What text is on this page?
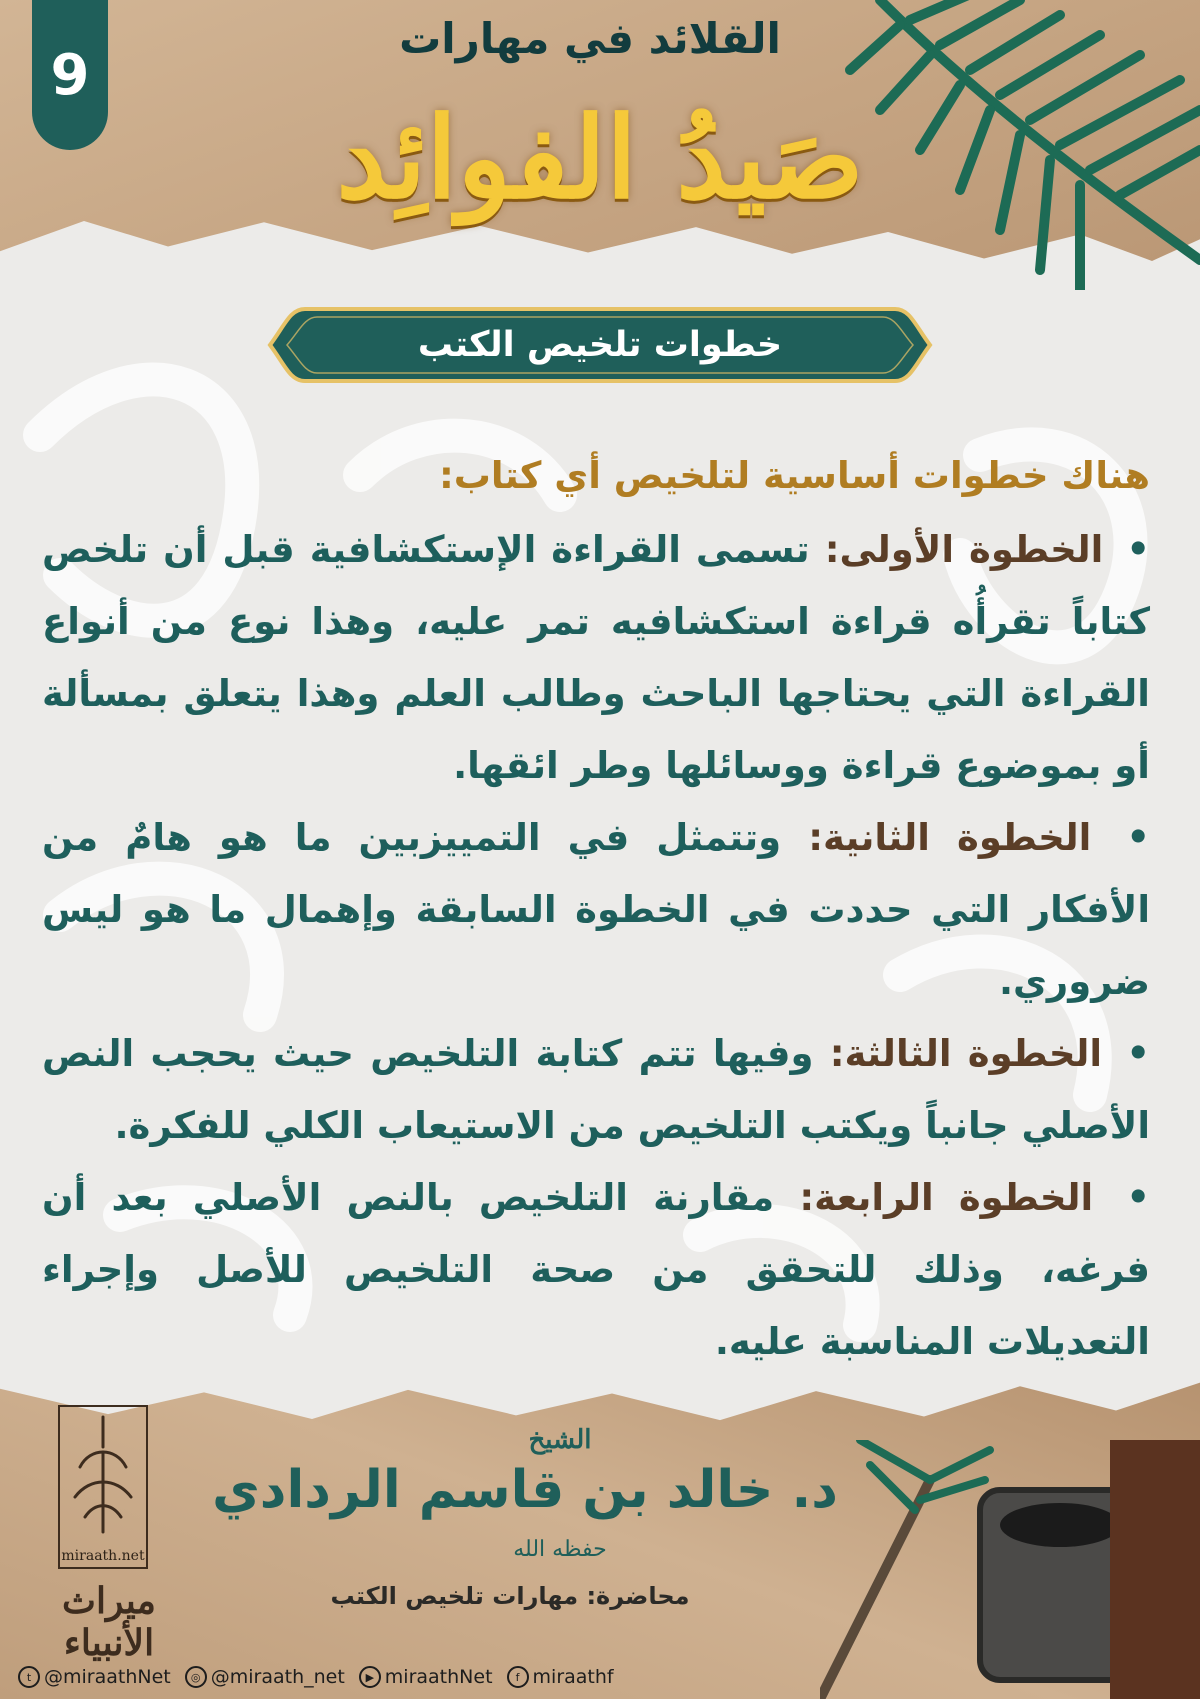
9
القلائد في مهارات
صَيدُ الفوائِد
خطوات تلخيص الكتب
هناك خطوات أساسية لتلخيص أي كتاب:
• الخطوة الأولى: تسمى القراءة الإستكشافية قبل أن تلخص كتاباً تقرأُه قراءة استكشافيه تمر عليه، وهذا نوع من أنواع القراءة التي يحتاجها الباحث وطالب العلم وهذا يتعلق بمسألة أو بموضوع قراءة ووسائلها وطر ائقها.
• الخطوة الثانية: وتتمثل في التمييزبين ما هو هامٌ من الأفكار التي حددت في الخطوة السابقة وإهمال ما هو ليس ضروري.
• الخطوة الثالثة: وفيها تتم كتابة التلخيص حيث يحجب النص الأصلي جانباً ويكتب التلخيص من الاستيعاب الكلي للفكرة.
• الخطوة الرابعة: مقارنة التلخيص بالنص الأصلي بعد أن فرغه، وذلك للتحقق من صحة التلخيص للأصل وإجراء التعديلات المناسبة عليه.
miraath.net
ميراث الأنبياء
الشيخ
د. خالد بن قاسم الردادي
حفظه الله
محاضرة: مهارات تلخيص الكتب
t @miraathNet	◎ @miraath_net	▶ miraathNet	f miraathf
